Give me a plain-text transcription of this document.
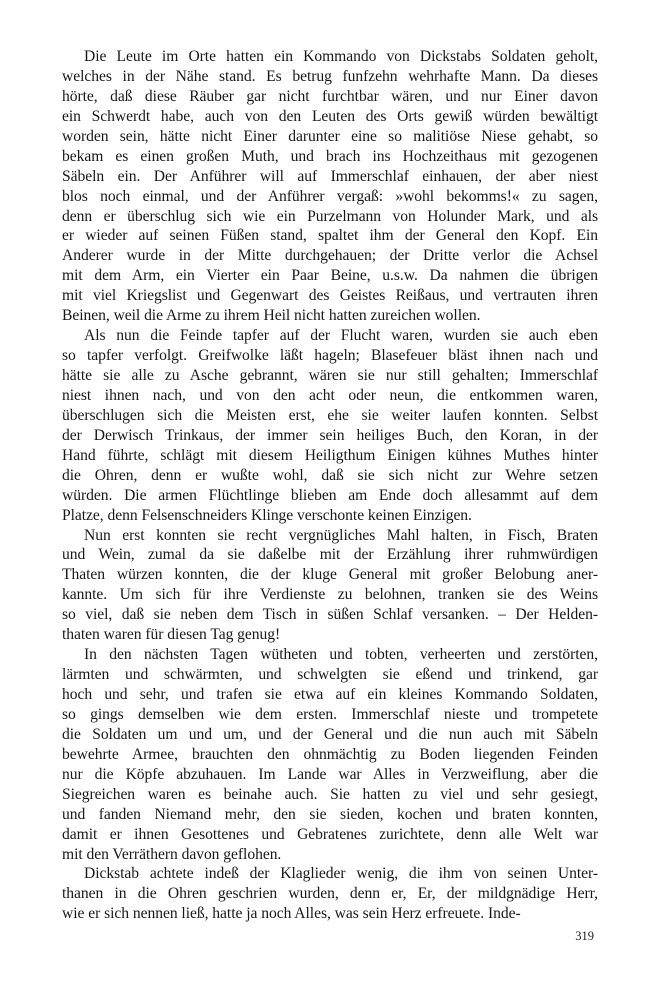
Die Leute im Orte hatten ein Kommando von Dickstabs Soldaten geholt,
welches in der Nähe stand. Es betrug funfzehn wehrhafte Mann. Da dieses
hörte, daß diese Räuber gar nicht furchtbar wären, und nur Einer davon
ein Schwerdt habe, auch von den Leuten des Orts gewiß würden bewältigt
worden sein, hätte nicht Einer darunter eine so malitiöse Niese gehabt, so
bekam es einen großen Muth, und brach ins Hochzeithaus mit gezogenen
Säbeln ein. Der Anführer will auf Immerschlaf einhauen, der aber niest
blos noch einmal, und der Anführer vergaß: »wohl bekomms!« zu sagen,
denn er überschlug sich wie ein Purzelmann von Holunder Mark, und als
er wieder auf seinen Füßen stand, spaltet ihm der General den Kopf. Ein
Anderer wurde in der Mitte durchgehauen; der Dritte verlor die Achsel
mit dem Arm, ein Vierter ein Paar Beine, u.s.w. Da nahmen die übrigen
mit viel Kriegslist und Gegenwart des Geistes Reißaus, und vertrauten ihren
Beinen, weil die Arme zu ihrem Heil nicht hatten zureichen wollen.
Als nun die Feinde tapfer auf der Flucht waren, wurden sie auch eben
so tapfer verfolgt. Greifwolke läßt hageln; Blasefeuer bläst ihnen nach und
hätte sie alle zu Asche gebrannt, wären sie nur still gehalten; Immerschlaf
niest ihnen nach, und von den acht oder neun, die entkommen waren,
überschlugen sich die Meisten erst, ehe sie weiter laufen konnten. Selbst
der Derwisch Trinkaus, der immer sein heiliges Buch, den Koran, in der
Hand führte, schlägt mit diesem Heiligthum Einigen kühnes Muthes hinter
die Ohren, denn er wußte wohl, daß sie sich nicht zur Wehre setzen
würden. Die armen Flüchtlinge blieben am Ende doch allesammt auf dem
Platze, denn Felsenschneiders Klinge verschonte keinen Einzigen.
Nun erst konnten sie recht vergnügliches Mahl halten, in Fisch, Braten
und Wein, zumal da sie daßelbe mit der Erzählung ihrer ruhmwürdigen
Thaten würzen konnten, die der kluge General mit großer Belobung aner-
kannte. Um sich für ihre Verdienste zu belohnen, tranken sie des Weins
so viel, daß sie neben dem Tisch in süßen Schlaf versanken. – Der Helden-
thaten waren für diesen Tag genug!
In den nächsten Tagen wütheten und tobten, verheerten und zerstörten,
lärmten und schwärmten, und schwelgten sie eßend und trinkend, gar
hoch und sehr, und trafen sie etwa auf ein kleines Kommando Soldaten,
so gings demselben wie dem ersten. Immerschlaf nieste und trompetete
die Soldaten um und um, und der General und die nun auch mit Säbeln
bewehrte Armee, brauchten den ohnmächtig zu Boden liegenden Feinden
nur die Köpfe abzuhauen. Im Lande war Alles in Verzweiflung, aber die
Siegreichen waren es beinahe auch. Sie hatten zu viel und sehr gesiegt,
und fanden Niemand mehr, den sie sieden, kochen und braten konnten,
damit er ihnen Gesottenes und Gebratenes zurichtete, denn alle Welt war
mit den Verräthern davon geflohen.
Dickstab achtete indeß der Klaglieder wenig, die ihm von seinen Unter-
thanen in die Ohren geschrien wurden, denn er, Er, der mildgnädige Herr,
wie er sich nennen ließ, hatte ja noch Alles, was sein Herz erfreuete. Inde-
319
